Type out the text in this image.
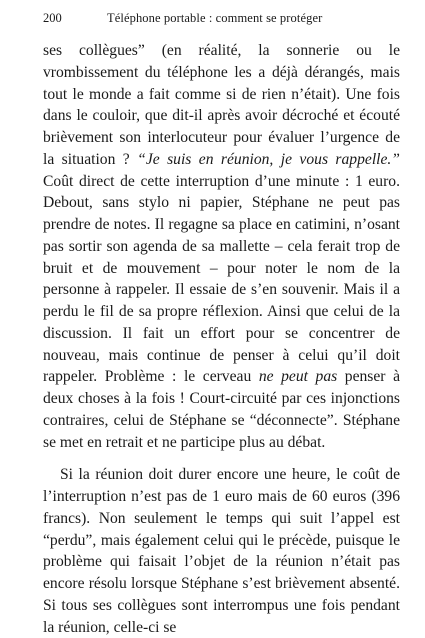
200	Téléphone portable : comment se protéger

ses collègues” (en réalité, la sonnerie ou le vrombissement du téléphone les a déjà dérangés, mais tout le monde a fait comme si de rien n’était). Une fois dans le couloir, que dit-il après avoir décroché et écouté brièvement son interlocuteur pour évaluer l’urgence de la situation ? “Je suis en réunion, je vous rappelle.” Coût direct de cette interruption d’une minute : 1 euro. Debout, sans stylo ni papier, Stéphane ne peut pas prendre de notes. Il regagne sa place en catimini, n’osant pas sortir son agenda de sa mallette – cela ferait trop de bruit et de mouvement – pour noter le nom de la personne à rappeler. Il essaie de s’en souvenir. Mais il a perdu le fil de sa propre réflexion. Ainsi que celui de la discussion. Il fait un effort pour se concentrer de nouveau, mais continue de penser à celui qu’il doit rappeler. Problème : le cerveau ne peut pas penser à deux choses à la fois ! Court-circuité par ces injonctions contraires, celui de Stéphane se “déconnecte”. Stéphane se met en retrait et ne participe plus au débat.

Si la réunion doit durer encore une heure, le coût de l’interruption n’est pas de 1 euro mais de 60 euros (396 francs). Non seulement le temps qui suit l’appel est “perdu”, mais également celui qui le précède, puisque le problème qui faisait l’objet de la réunion n’était pas encore résolu lorsque Stéphane s’est brièvement absenté. Si tous ses collègues sont interrompus une fois pendant la réunion, celle-ci se
